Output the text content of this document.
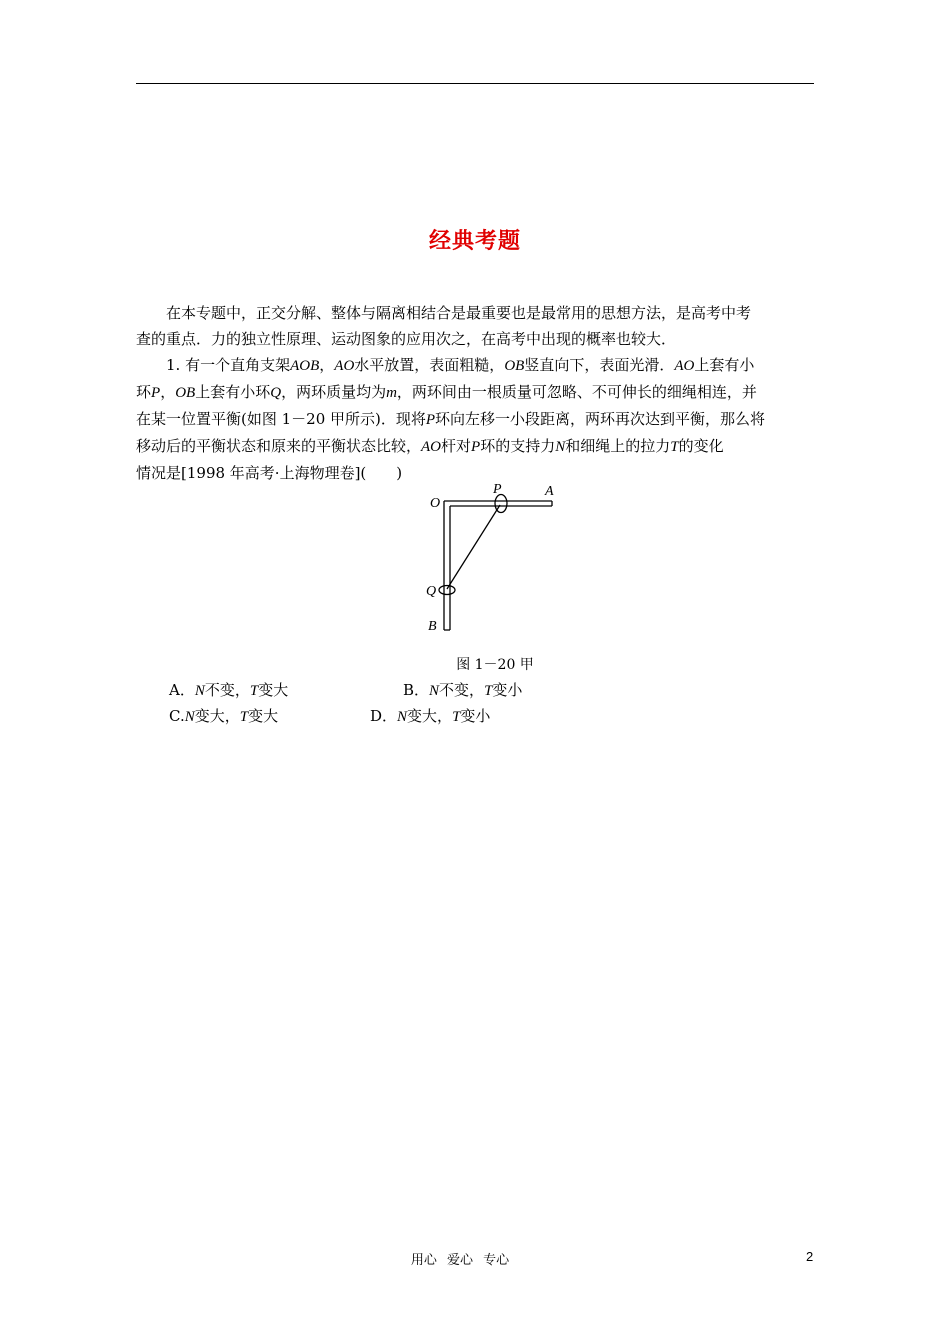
经典考题
在本专题中，正交分解、整体与隔离相结合是最重要也是最常用的思想方法，是高考中考
查的重点．力的独立性原理、运动图象的应用次之，在高考中出现的概率也较大．
1. 有一个直角支架AOB，AO水平放置，表面粗糙，OB竖直向下，表面光滑．AO上套有小
环P，OB上套有小环Q，两环质量均为m，两环间由一根质量可忽略、不可伸长的细绳相连，并
在某一位置平衡(如图 1－20 甲所示)．现将P环向左移一小段距离，两环再次达到平衡，那么将
移动后的平衡状态和原来的平衡状态比较，AO杆对P环的支持力N和细绳上的拉力T的变化
情况是[1998 年高考·上海物理卷](　　)
O
P	A
Q
B
图 1－20 甲
A．N不变，T变大	B．N不变，T变小
C.N变大，T变大	D．N变大，T变小
用心 爱心 专心	2
